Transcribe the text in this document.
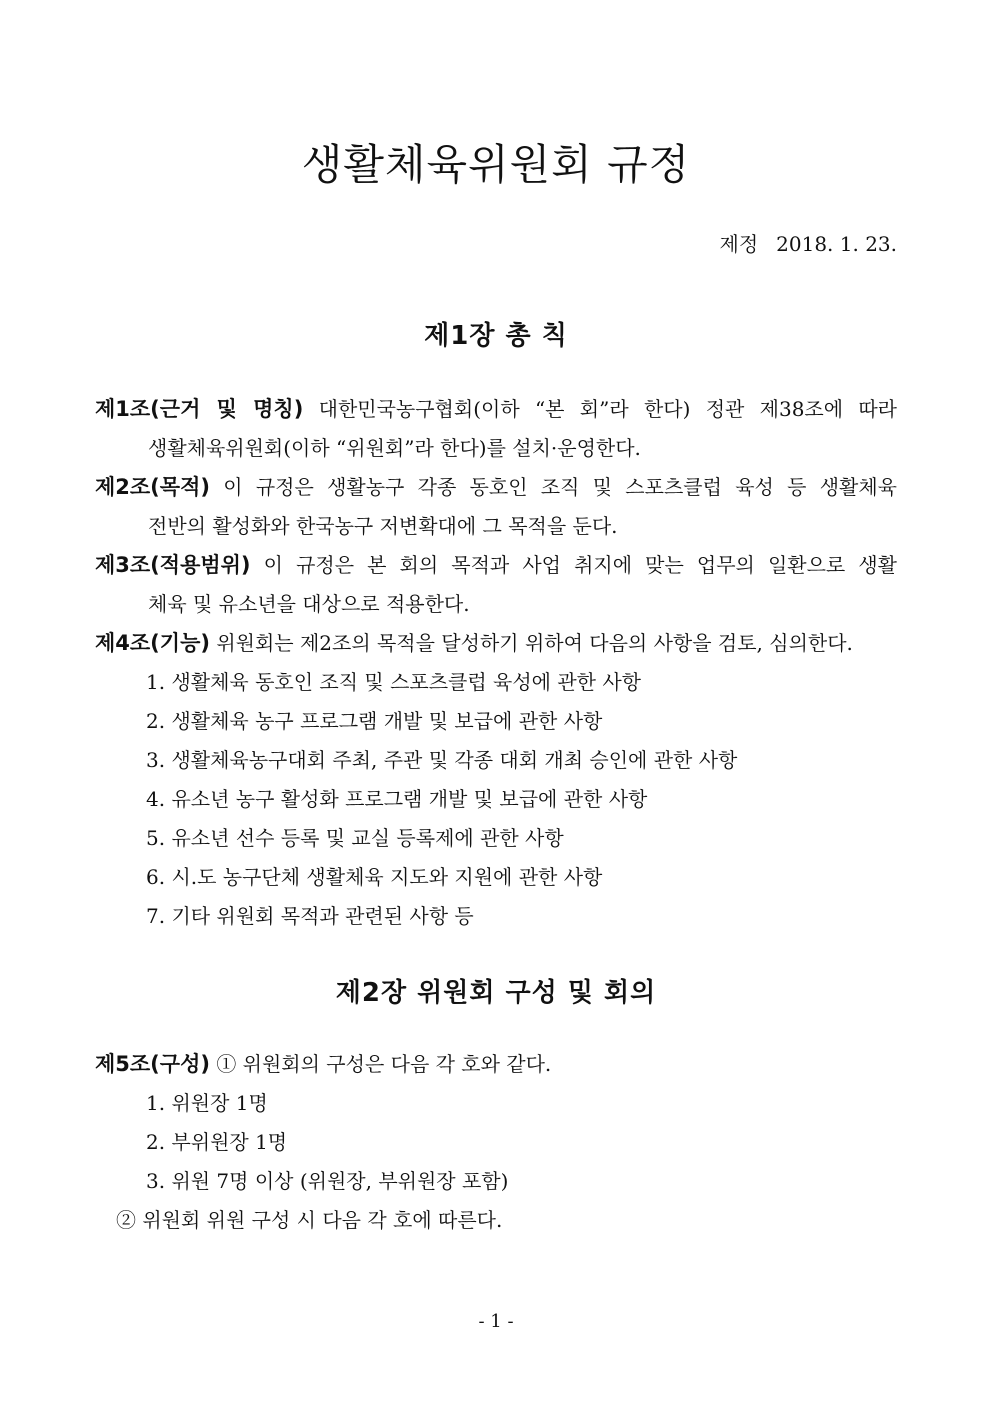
생활체육위원회 규정
제정 2018. 1. 23.
제1장 총 칙
제1조(근거 및 명칭) 대한민국농구협회(이하 “본 회”라 한다) 정관 제38조에 따라
생활체육위원회(이하 “위원회”라 한다)를 설치·운영한다.
제2조(목적) 이 규정은 생활농구 각종 동호인 조직 및 스포츠클럽 육성 등 생활체육
전반의 활성화와 한국농구 저변확대에 그 목적을 둔다.
제3조(적용범위) 이 규정은 본 회의 목적과 사업 취지에 맞는 업무의 일환으로 생활
체육 및 유소년을 대상으로 적용한다.
제4조(기능) 위원회는 제2조의 목적을 달성하기 위하여 다음의 사항을 검토, 심의한다.
1. 생활체육 동호인 조직 및 스포츠클럽 육성에 관한 사항
2. 생활체육 농구 프로그램 개발 및 보급에 관한 사항
3. 생활체육농구대회 주최, 주관 및 각종 대회 개최 승인에 관한 사항
4. 유소년 농구 활성화 프로그램 개발 및 보급에 관한 사항
5. 유소년 선수 등록 및 교실 등록제에 관한 사항
6. 시.도 농구단체 생활체육 지도와 지원에 관한 사항
7. 기타 위원회 목적과 관련된 사항 등
제2장 위원회 구성 및 회의
제5조(구성) ① 위원회의 구성은 다음 각 호와 같다.
1. 위원장 1명
2. 부위원장 1명
3. 위원 7명 이상 (위원장, 부위원장 포함)
② 위원회 위원 구성 시 다음 각 호에 따른다.
- 1 -
